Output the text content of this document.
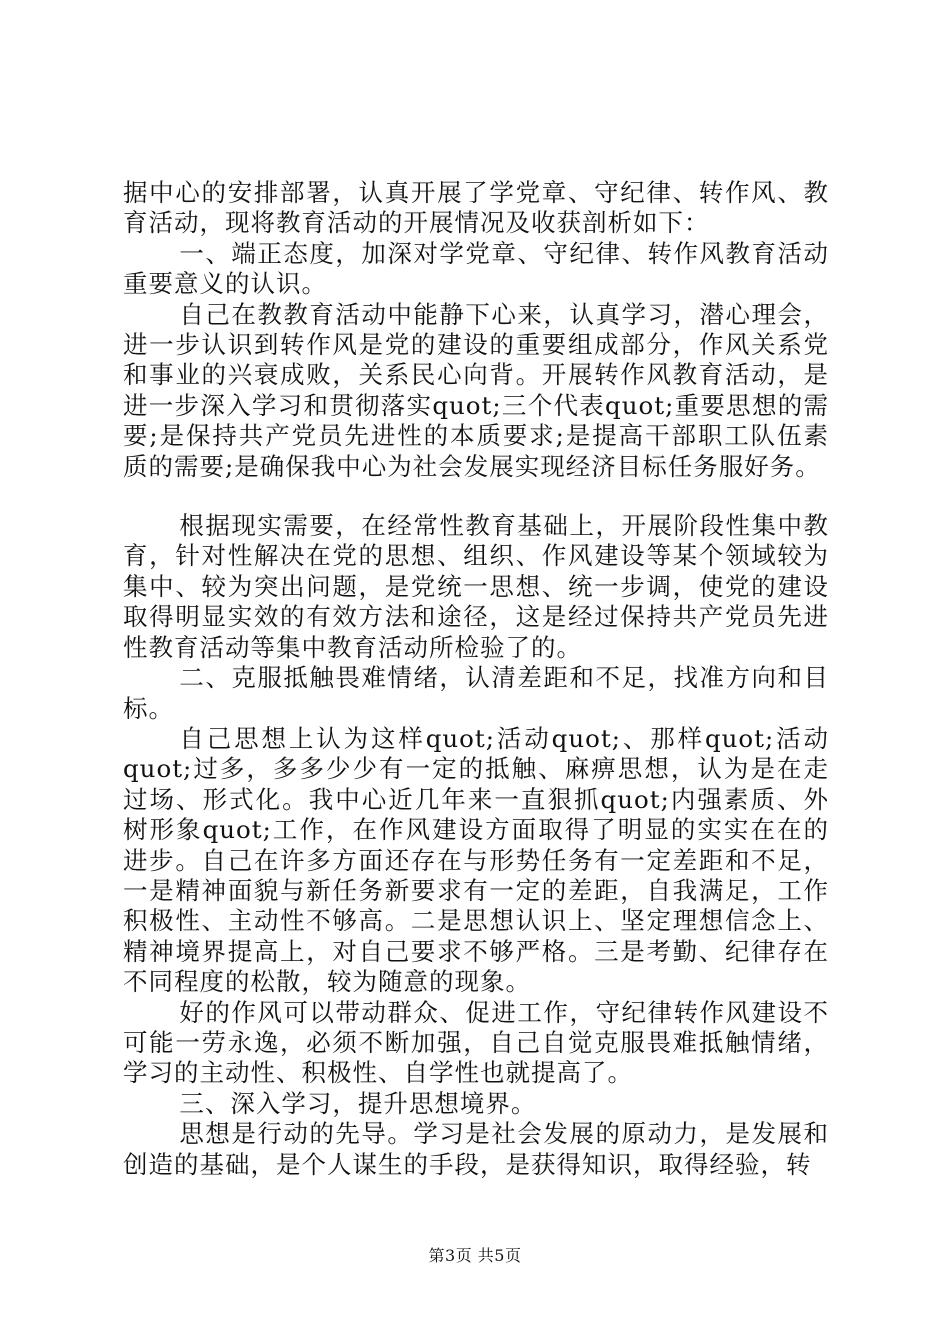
据中心的安排部署，认真开展了学党章、守纪律、转作风、教育活动，现将教育活动的开展情况及收获剖析如下：

一、端正态度，加深对学党章、守纪律、转作风教育活动重要意义的认识。

自己在教教育活动中能静下心来，认真学习，潜心理会，进一步认识到转作风是党的建设的重要组成部分，作风关系党和事业的兴衰成败，关系民心向背。开展转作风教育活动，是进一步深入学习和贯彻落实quot;三个代表quot;重要思想的需要;是保持共产党员先进性的本质要求;是提高干部职工队伍素质的需要;是确保我中心为社会发展实现经济目标任务服好务。

根据现实需要，在经常性教育基础上，开展阶段性集中教育，针对性解决在党的思想、组织、作风建设等某个领域较为集中、较为突出问题，是党统一思想、统一步调，使党的建设取得明显实效的有效方法和途径，这是经过保持共产党员先进性教育活动等集中教育活动所检验了的。

二、克服抵触畏难情绪，认清差距和不足，找准方向和目标。

自己思想上认为这样quot;活动quot;、那样quot;活动quot;过多，多多少少有一定的抵触、麻痹思想，认为是在走过场、形式化。我中心近几年来一直狠抓quot;内强素质、外树形象quot;工作，在作风建设方面取得了明显的实实在在的进步。自己在许多方面还存在与形势任务有一定差距和不足，一是精神面貌与新任务新要求有一定的差距，自我满足，工作积极性、主动性不够高。二是思想认识上、坚定理想信念上、精神境界提高上，对自己要求不够严格。三是考勤、纪律存在不同程度的松散，较为随意的现象。

好的作风可以带动群众、促进工作，守纪律转作风建设不可能一劳永逸，必须不断加强，自己自觉克服畏难抵触情绪，学习的主动性、积极性、自学性也就提高了。

三、深入学习，提升思想境界。

思想是行动的先导。学习是社会发展的原动力，是发展和创造的基础，是个人谋生的手段，是获得知识，取得经验，转

第3页 共5页
